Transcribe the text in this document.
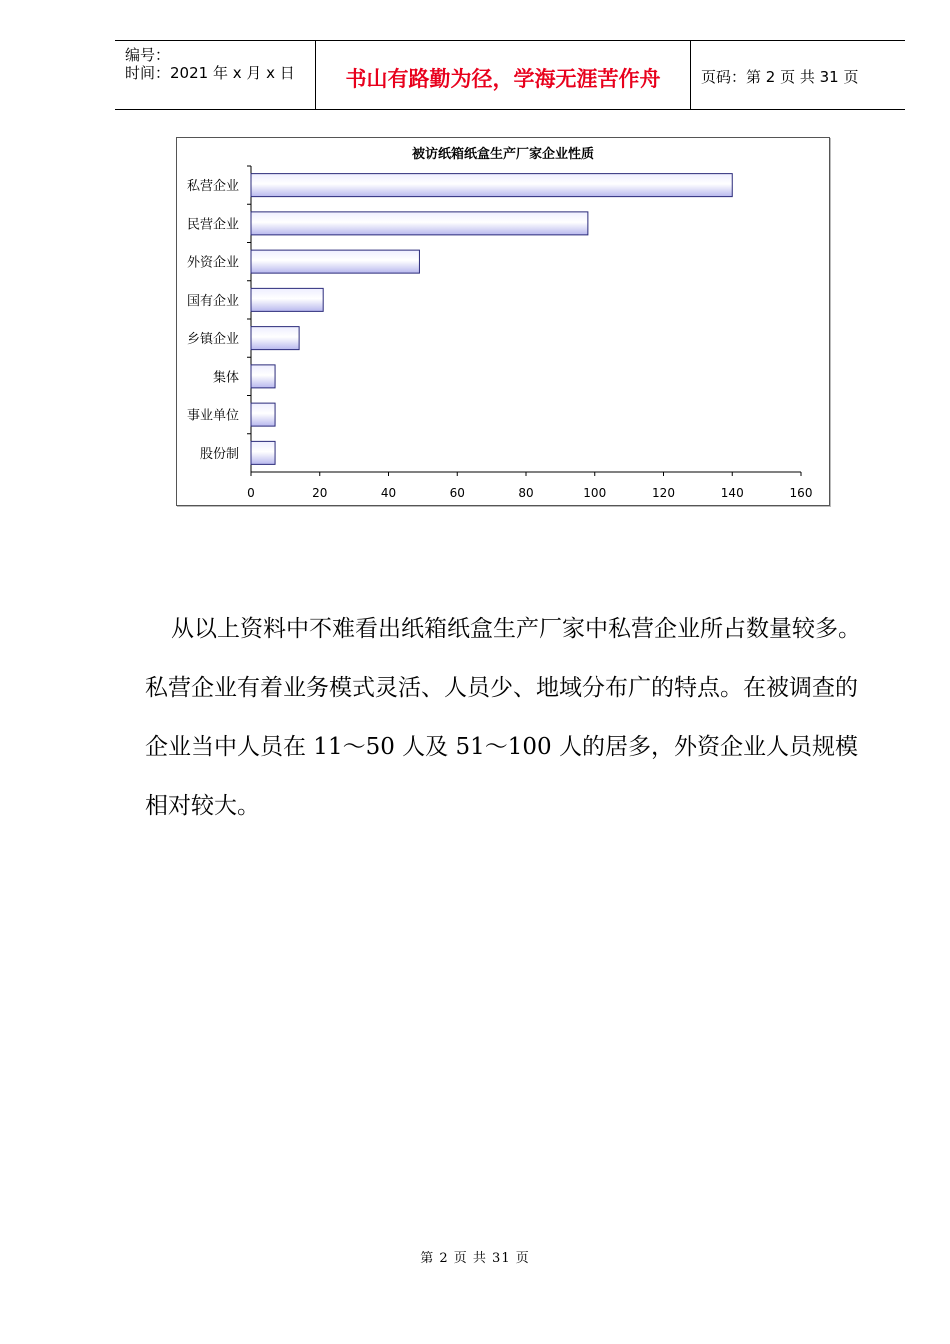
编号：
时间：2021 年 x 月 x 日	书山有路勤为径，学海无涯苦作舟	页码：第 2 页 共 31 页
被访纸箱纸盒生产厂家企业性质
私营企业
民营企业
外资企业
国有企业
乡镇企业
集体
事业单位
股份制
0	20	40	60	80	100	120	140	160
从以上资料中不难看出纸箱纸盒生产厂家中私营企业所占数量较多。私营企业有着业务模式灵活、人员少、地域分布广的特点。在被调查的企业当中人员在 11～50 人及 51～100 人的居多，外资企业人员规模相对较大。
第 2 页 共 31 页
